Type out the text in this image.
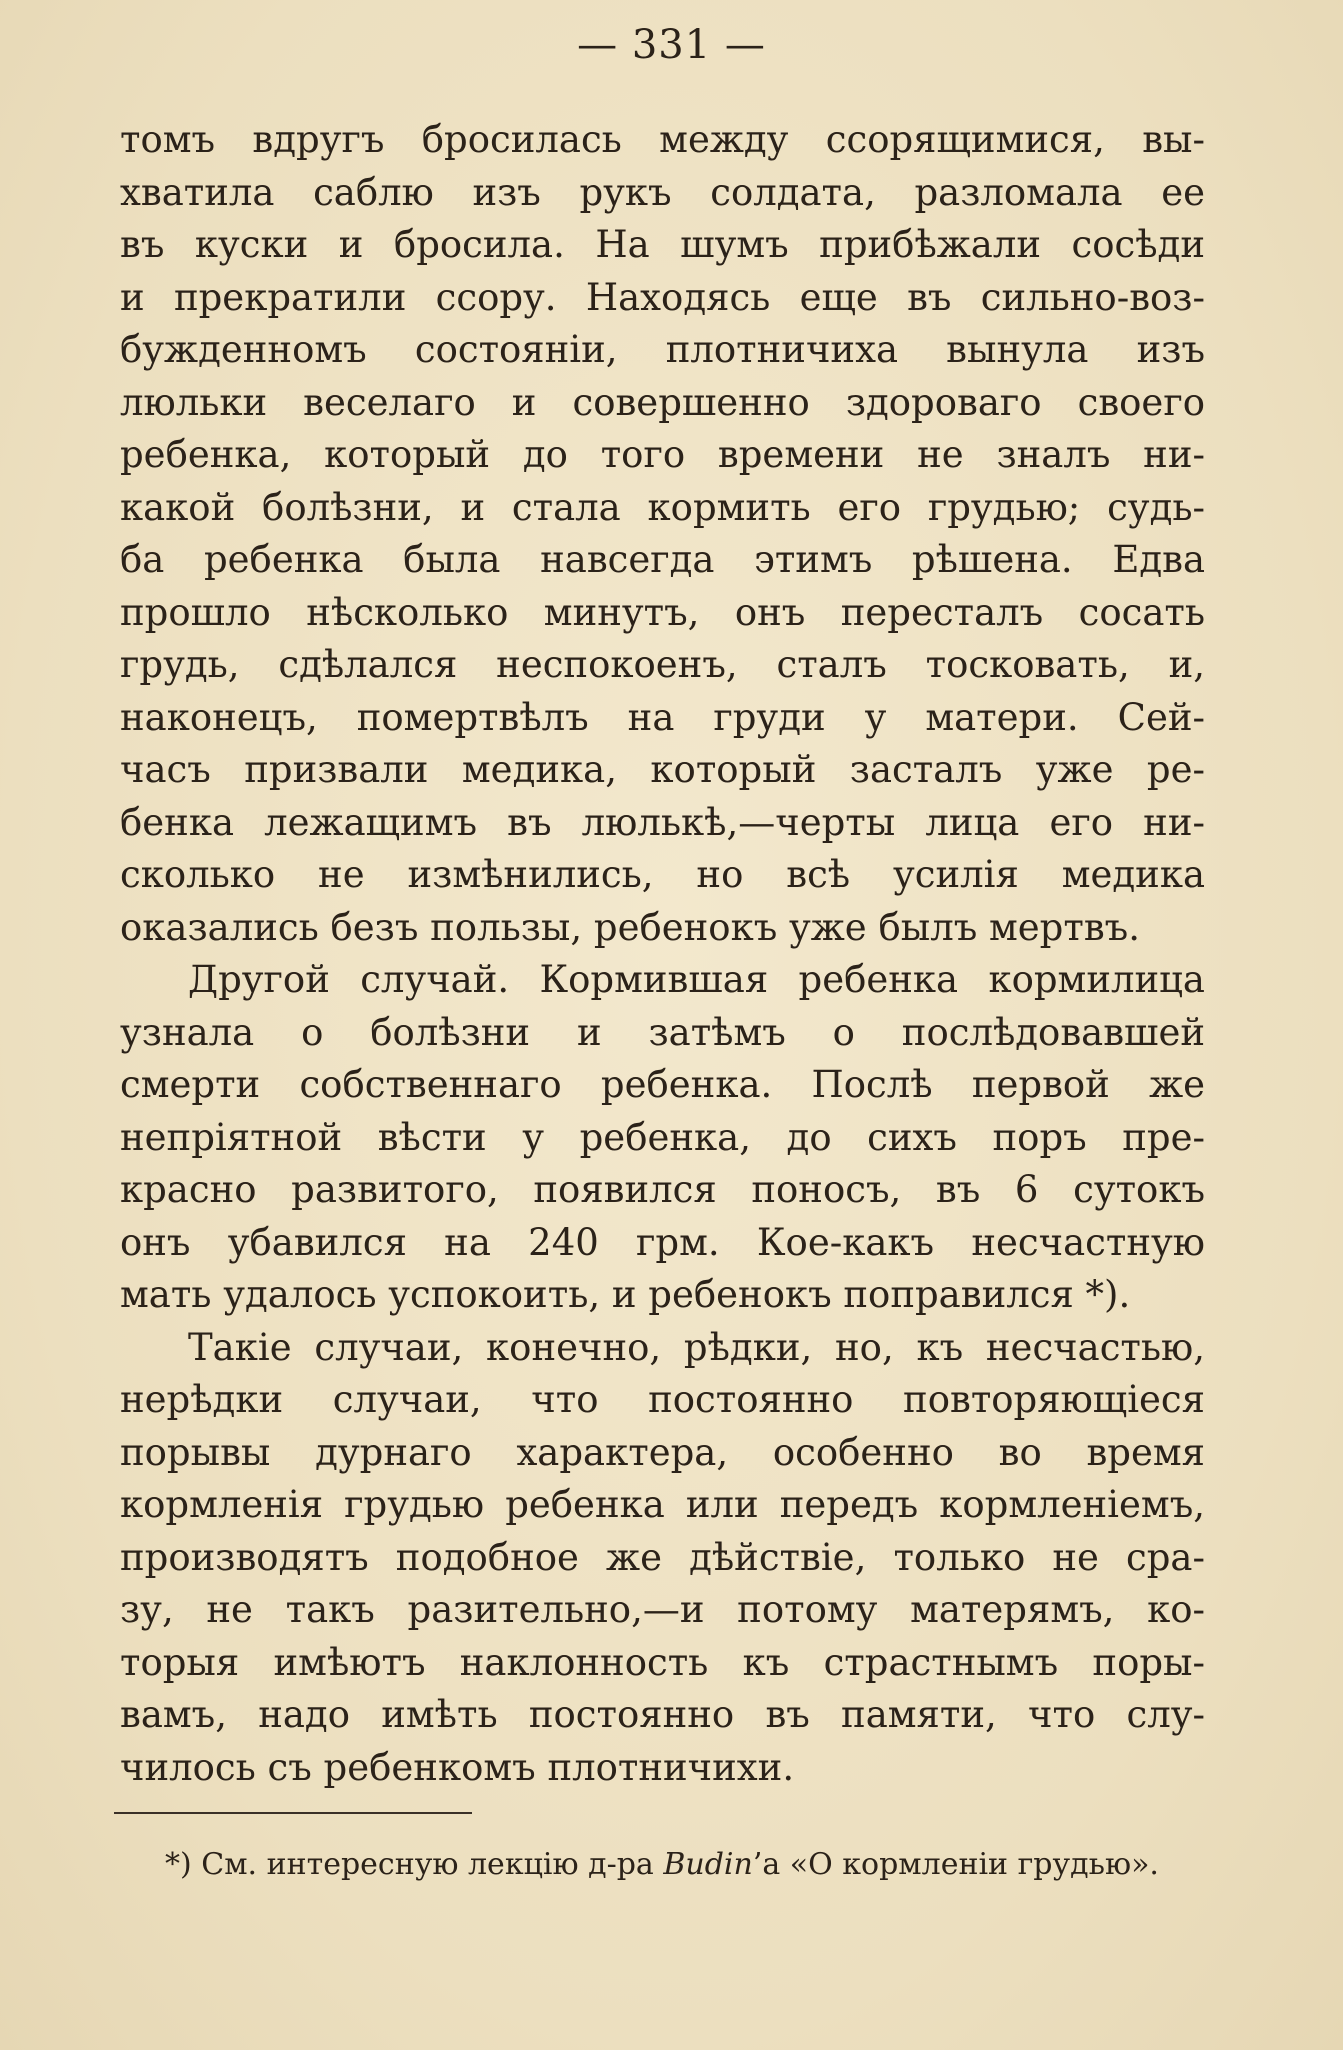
— 331 —
томъ вдругъ бросилась между ссорящимися, вы-
хватила саблю изъ рукъ солдата, разломала ее
въ куски и бросила. На шумъ прибѣжали сосѣди
и прекратили ссору. Находясь еще въ сильно-воз-
бужденномъ состояніи, плотничиха вынула изъ
люльки веселаго и совершенно здороваго своего
ребенка, который до того времени не зналъ ни-
какой болѣзни, и стала кормить его грудью; судь-
ба ребенка была навсегда этимъ рѣшена. Едва
прошло нѣсколько минутъ, онъ пересталъ сосать
грудь, сдѣлался неспокоенъ, сталъ тосковать, и,
наконецъ, помертвѣлъ на груди у матери. Сей-
часъ призвали медика, который засталъ уже ре-
бенка лежащимъ въ люлькѣ,—черты лица его ни-
сколько не измѣнились, но всѣ усилія медика
оказались безъ пользы, ребенокъ уже былъ мертвъ.
Другой случай. Кормившая ребенка кормилица
узнала о болѣзни и затѣмъ о послѣдовавшей
смерти собственнаго ребенка. Послѣ первой же
непріятной вѣсти у ребенка, до сихъ поръ пре-
красно развитого, появился поносъ, въ 6 сутокъ
онъ убавился на 240 грм. Кое-какъ несчастную
мать удалось успокоить, и ребенокъ поправился *).
Такіе случаи, конечно, рѣдки, но, къ несчастью,
нерѣдки случаи, что постоянно повторяющіеся
порывы дурнаго характера, особенно во время
кормленія грудью ребенка или передъ кормленіемъ,
производятъ подобное же дѣйствіе, только не сра-
зу, не такъ разительно,—и потому матерямъ, ко-
торыя имѣютъ наклонность къ страстнымъ поры-
вамъ, надо имѣть постоянно въ памяти, что слу-
чилось съ ребенкомъ плотничихи.
*) См. интересную лекцію д-ра Budin’а «О кормленіи грудью».
